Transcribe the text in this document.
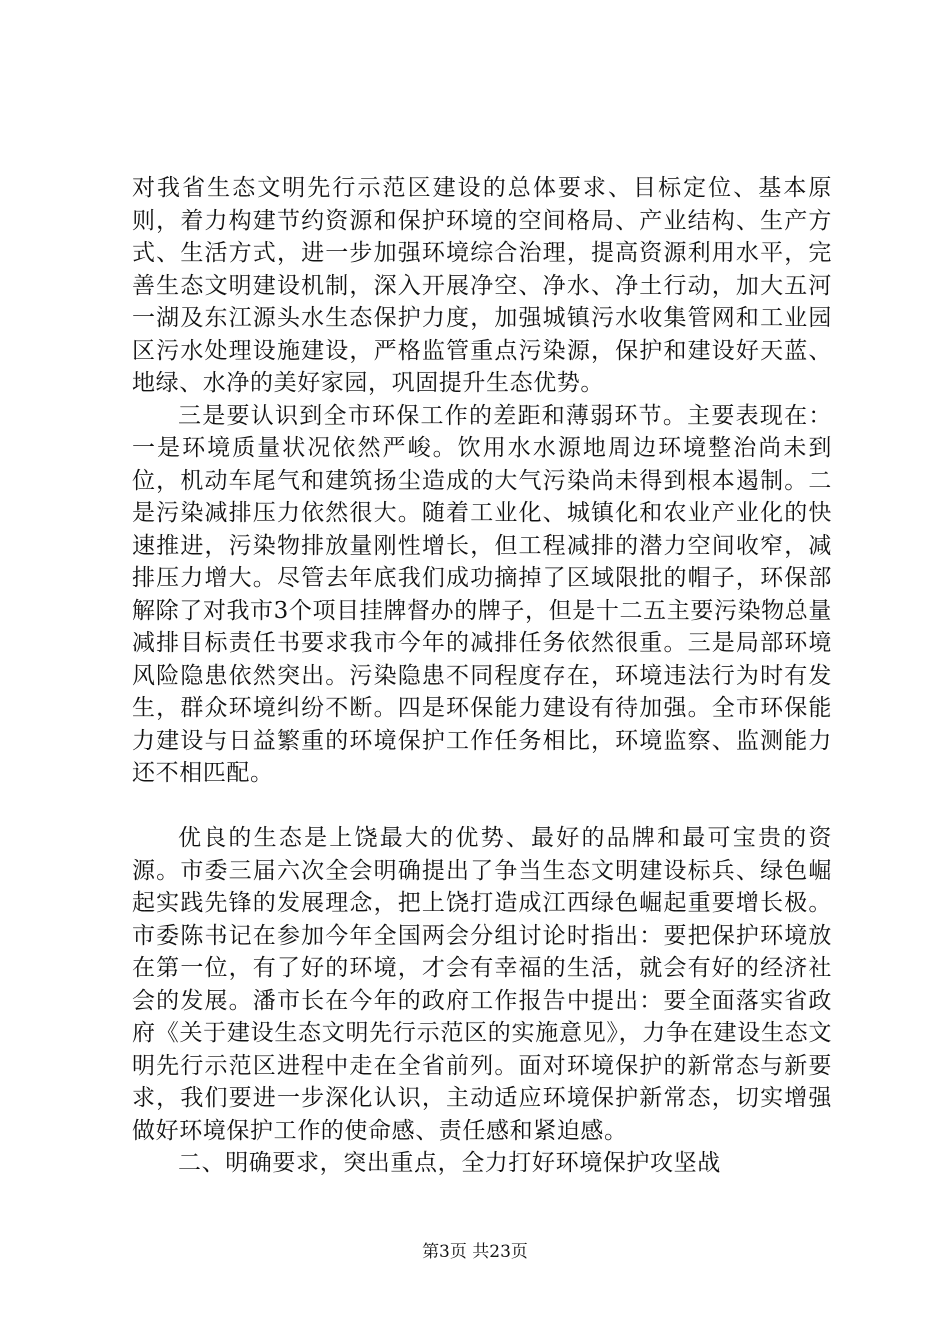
对我省生态文明先行示范区建设的总体要求、目标定位、基本原则，着力构建节约资源和保护环境的空间格局、产业结构、生产方式、生活方式，进一步加强环境综合治理，提高资源利用水平，完善生态文明建设机制，深入开展净空、净水、净土行动，加大五河一湖及东江源头水生态保护力度，加强城镇污水收集管网和工业园区污水处理设施建设，严格监管重点污染源，保护和建设好天蓝、地绿、水净的美好家园，巩固提升生态优势。

三是要认识到全市环保工作的差距和薄弱环节。主要表现在：一是环境质量状况依然严峻。饮用水水源地周边环境整治尚未到位，机动车尾气和建筑扬尘造成的大气污染尚未得到根本遏制。二是污染减排压力依然很大。随着工业化、城镇化和农业产业化的快速推进，污染物排放量刚性增长，但工程减排的潜力空间收窄，减排压力增大。尽管去年底我们成功摘掉了区域限批的帽子，环保部解除了对我市3个项目挂牌督办的牌子，但是十二五主要污染物总量减排目标责任书要求我市今年的减排任务依然很重。三是局部环境风险隐患依然突出。污染隐患不同程度存在，环境违法行为时有发生，群众环境纠纷不断。四是环保能力建设有待加强。全市环保能力建设与日益繁重的环境保护工作任务相比，环境监察、监测能力还不相匹配。

优良的生态是上饶最大的优势、最好的品牌和最可宝贵的资源。市委三届六次全会明确提出了争当生态文明建设标兵、绿色崛起实践先锋的发展理念，把上饶打造成江西绿色崛起重要增长极。市委陈书记在参加今年全国两会分组讨论时指出：要把保护环境放在第一位，有了好的环境，才会有幸福的生活，就会有好的经济社会的发展。潘市长在今年的政府工作报告中提出：要全面落实省政府《关于建设生态文明先行示范区的实施意见》，力争在建设生态文明先行示范区进程中走在全省前列。面对环境保护的新常态与新要求，我们要进一步深化认识，主动适应环境保护新常态，切实增强做好环境保护工作的使命感、责任感和紧迫感。

二、明确要求，突出重点，全力打好环境保护攻坚战

第3页 共23页
